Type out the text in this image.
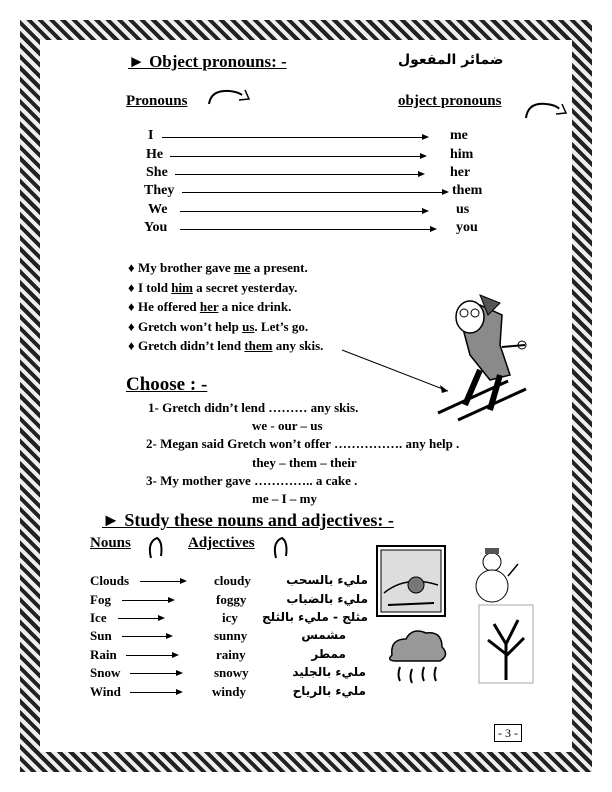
► Object pronouns: -	ضمائر المفعول
Pronouns	object pronouns
I	me
He	him
She	her
They	them
We	us
You	you
♦ My brother gave me a present.
♦ I told him a secret yesterday.
♦ He offered her a nice drink.
♦ Gretch won’t help us. Let’s go.
♦ Gretch didn’t lend them any skis.
Choose : -
1- Gretch didn’t lend ……… any skis.
we - our – us
2- Megan said Gretch won’t offer ……………. any help .
they – them – their
3- My mother gave ………….. a cake .
me – I – my
► Study these nouns and adjectives: -
Nouns	Adjectives
Clouds	cloudy	مليء بالسحب
Fog	foggy	مليء بالضباب
Ice	icy مثلج - مليء بالثلج
Sun	sunny	مشمس
Rain	rainy	ممطر
Snow	snowy	مليء بالجليد
Wind	windy	مليء بالرياح
- 3 -
